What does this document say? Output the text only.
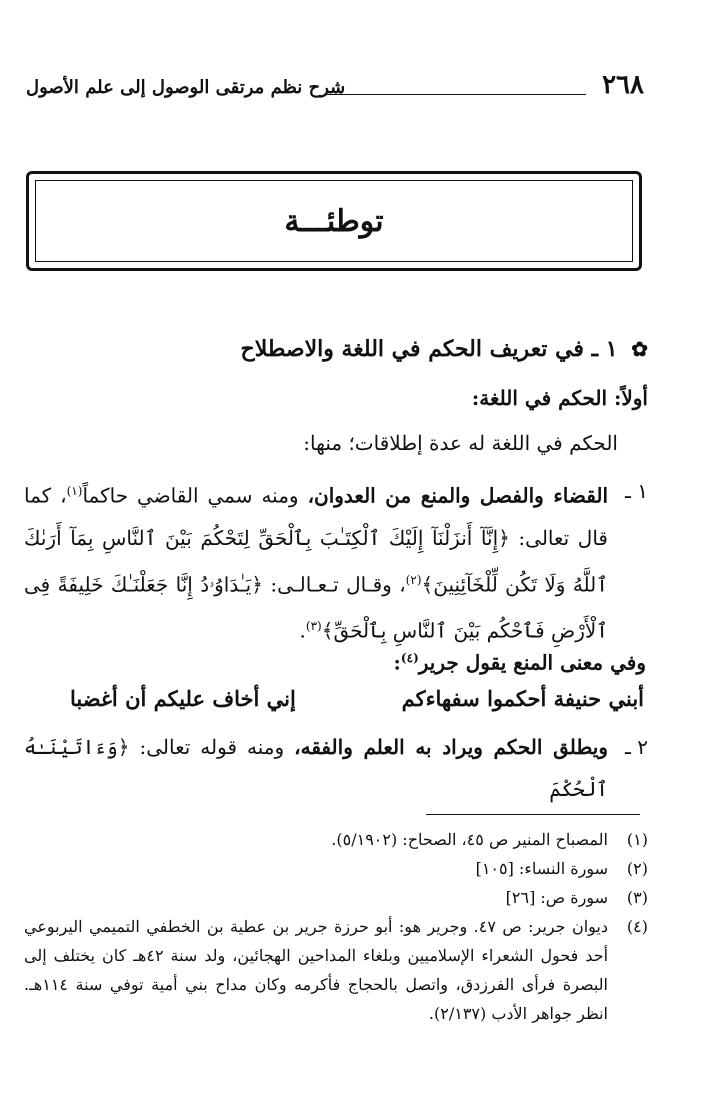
٢٦٨
شرح نظم مرتقى الوصول إلى علم الأصول
توطئـــة
✿ ١ ـ في تعريف الحكم في اللغة والاصطلاح
أولاً: الحكم في اللغة:
الحكم في اللغة له عدة إطلاقات؛ منها:
١ ـ
القضاء والفصل والمنع من العدوان، ومنه سمي القاضي حاكماً$^{(١)}$، كما قال تعالى: ﴿إِنَّآ أَنزَلْنَآ إِلَيْكَ ٱلْكِتَـٰبَ بِٱلْحَقِّ لِتَحْكُمَ بَيْنَ ٱلنَّاسِ بِمَآ أَرَىٰكَ ٱللَّهُ وَلَا تَكُن لِّلْخَآئِنِينَ﴾$^{(٢)}$، وقـال تـعـالـى: ﴿يَـٰدَاوُۥدُ إِنَّا جَعَلْنَـٰكَ خَلِيفَةً فِى ٱلْأَرْضِ فَٱحْكُم بَيْنَ ٱلنَّاسِ بِٱلْحَقِّ﴾$^{(٣)}$.
وفي معنى المنع يقول جرير$^{(٤)}$:
أبني حنيفة أحكموا سفهاءكم
إني أخاف عليكم أن أغضبا
٢ ـ
ويطلق الحكم ويراد به العلم والفقه، ومنه قوله تعالى: ﴿وَءَاتَيْنَـٰهُ ٱلْحُكْمَ
(١)
المصباح المنير ص ٤٥، الصحاح: (٥/١٩٠٢).
(٢)
سورة النساء: [١٠٥]
(٣)
سورة ص: [٢٦]
(٤)
ديوان جرير: ص ٤٧. وجرير هو: أبو حرزة جرير بن عطية بن الخطفي التميمي اليربوعي أحد فحول الشعراء الإسلاميين وبلغاء المداحين الهجائين، ولد سنة ٤٢هـ كان يختلف إلى البصرة فرأى الفرزدق، واتصل بالحجاج فأكرمه وكان مداح بني أمية توفي سنة ١١٤هـ. انظر جواهر الأدب (٢/١٣٧).
